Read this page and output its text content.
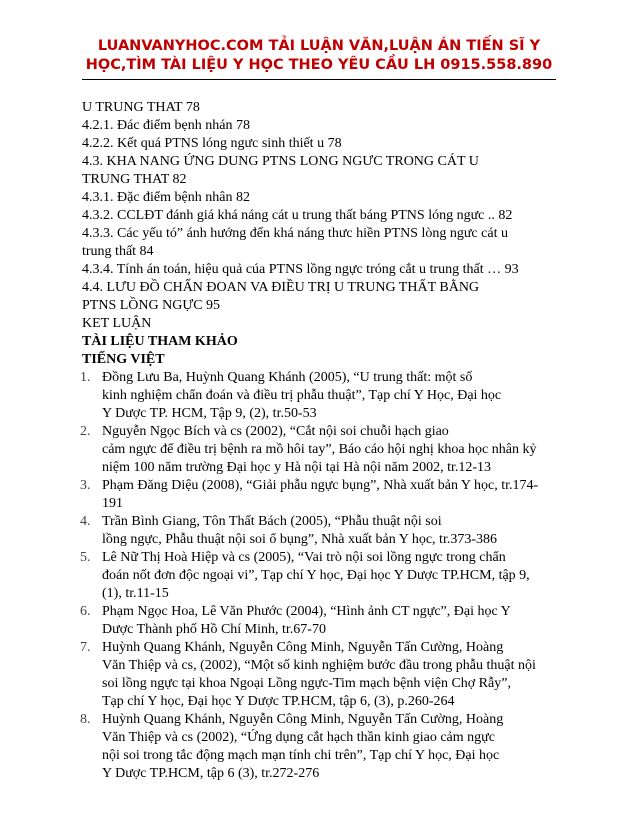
LUANVANYHOC.COM TẢI LUẬN VĂN,LUẬN ÁN TIẾN SĨ Y
HỌC,TÌM TÀI LIỆU Y HỌC THEO YÊU CẦU LH 0915.558.890

U TRUNG THAT 78

4.2.1. Đác điểm bẹnh nhán 78

4.2.2. Kết quá PTNS lóng ngưc sinh thiết u 78

4.3. KHA NANG ỨNG DUNG PTNS LONG NGƯC TRONG CÁT U

TRUNG THAT 82

4.3.1. Đặc điểm bệnh nhân 82

4.3.2. CCLĐT đánh giá khá náng cát u trung thất báng PTNS lóng ngưc .. 82

4.3.3. Các yếu tó” ánh hướng đến khá náng thưc hiền PTNS lòng ngưc cát u

trung thất 84

4.3.4. Tính án toán, hiệu quả cúa PTNS lồng ngực tróng cắt u trung thất … 93

4.4. LƯU ĐỒ CHẨN ĐOAN VA ĐIỀU TRỊ U TRUNG THẤT BẰNG

PTNS LỒNG NGỰC 95

KET LUẬN

TÀI LIỆU THAM KHẢO

TIẾNG VIỆT

1. Đồng Lưu Ba, Huỳnh Quang Khánh (2005), “U trung thất: một số
kinh nghiệm chẩn đoán và điều trị phẫu thuật”, Tạp chí Y Học, Đại học
Y Dược TP. HCM, Tập 9, (2), tr.50-53
2. Nguyễn Ngọc Bích và cs (2002), “Cắt nội soi chuỗi hạch giao
cảm ngực để điều trị bệnh ra mồ hôi tay”, Báo cáo hội nghị khoa học nhân kỷ
niệm 100 năm trường Đại học y Hà nội tại Hà nội năm 2002, tr.12-13
3. Phạm Đăng Diệu (2008), “Giải phẫu ngực bụng”, Nhà xuất bản Y học, tr.174-
191
4. Trần Bình Giang, Tôn Thất Bách (2005), “Phẫu thuật nội soi
lồng ngực, Phẫu thuật nội soi ổ bụng”, Nhà xuất bản Y học, tr.373-386
5. Lê Nữ Thị Hoà Hiệp và cs (2005), “Vai trò nội soi lồng ngực trong chẩn
đoán nốt đơn độc ngoại vi”, Tạp chí Y học, Đại học Y Dược TP.HCM, tập 9,
(1), tr.11-15
6. Phạm Ngọc Hoa, Lê Văn Phước (2004), “Hình ảnh CT ngực”, Đại học Y
Dược Thành phố Hồ Chí Minh, tr.67-70
7. Huỳnh Quang Khánh, Nguyễn Công Minh, Nguyễn Tấn Cường, Hoàng
Văn Thiệp và cs, (2002), “Một số kinh nghiệm bước đầu trong phẫu thuật nội
soi lồng ngực tại khoa Ngoại Lồng ngực-Tim mạch bệnh viện Chợ Rẫy”,
Tạp chí Y học, Đại học Y Dược TP.HCM, tập 6, (3), p.260-264
8. Huỳnh Quang Khánh, Nguyễn Công Minh, Nguyễn Tấn Cường, Hoàng
Văn Thiệp và cs (2002), “Ứng dụng cắt hạch thần kinh giao cảm ngực
nội soi trong tắc động mạch mạn tính chi trên”, Tạp chí Y học, Đại học
Y Dược TP.HCM, tập 6 (3), tr.272-276
